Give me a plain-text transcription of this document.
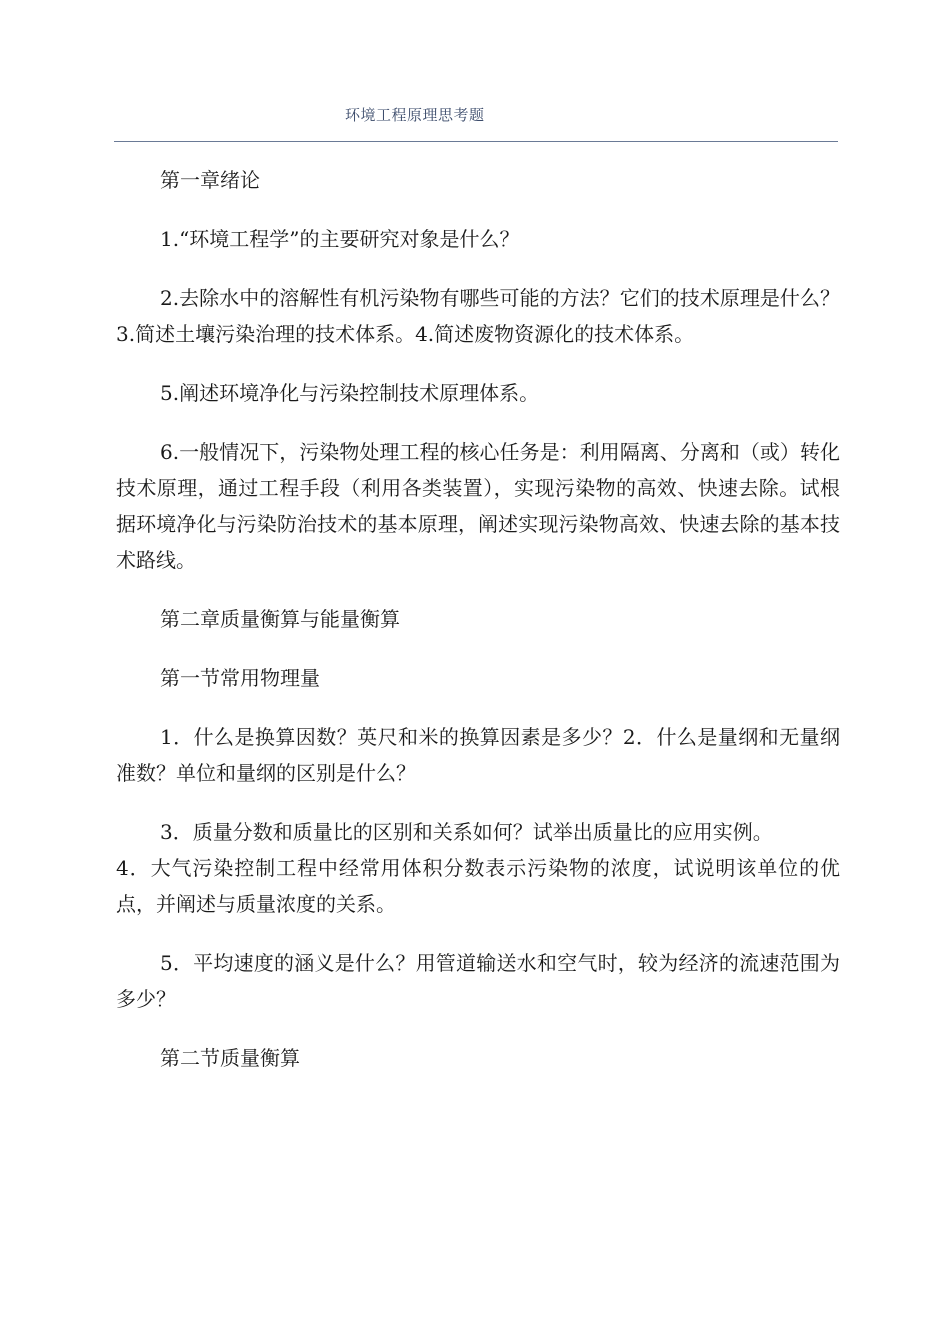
环境工程原理思考题

第一章绪论

1.“环境工程学”的主要研究对象是什么？

2.去除水中的溶解性有机污染物有哪些可能的方法？它们的技术原理是什么？3.简述土壤污染治理的技术体系。4.简述废物资源化的技术体系。

5.阐述环境净化与污染控制技术原理体系。

6.一般情况下，污染物处理工程的核心任务是：利用隔离、分离和（或）转化技术原理，通过工程手段（利用各类装置），实现污染物的高效、快速去除。试根据环境净化与污染防治技术的基本原理，阐述实现污染物高效、快速去除的基本技术路线。

第二章质量衡算与能量衡算

第一节常用物理量

1．什么是换算因数？英尺和米的换算因素是多少？2．什么是量纲和无量纲准数？单位和量纲的区别是什么？

3．质量分数和质量比的区别和关系如何？试举出质量比的应用实例。

4．大气污染控制工程中经常用体积分数表示污染物的浓度，试说明该单位的优点，并阐述与质量浓度的关系。

5．平均速度的涵义是什么？用管道输送水和空气时，较为经济的流速范围为多少？

第二节质量衡算
